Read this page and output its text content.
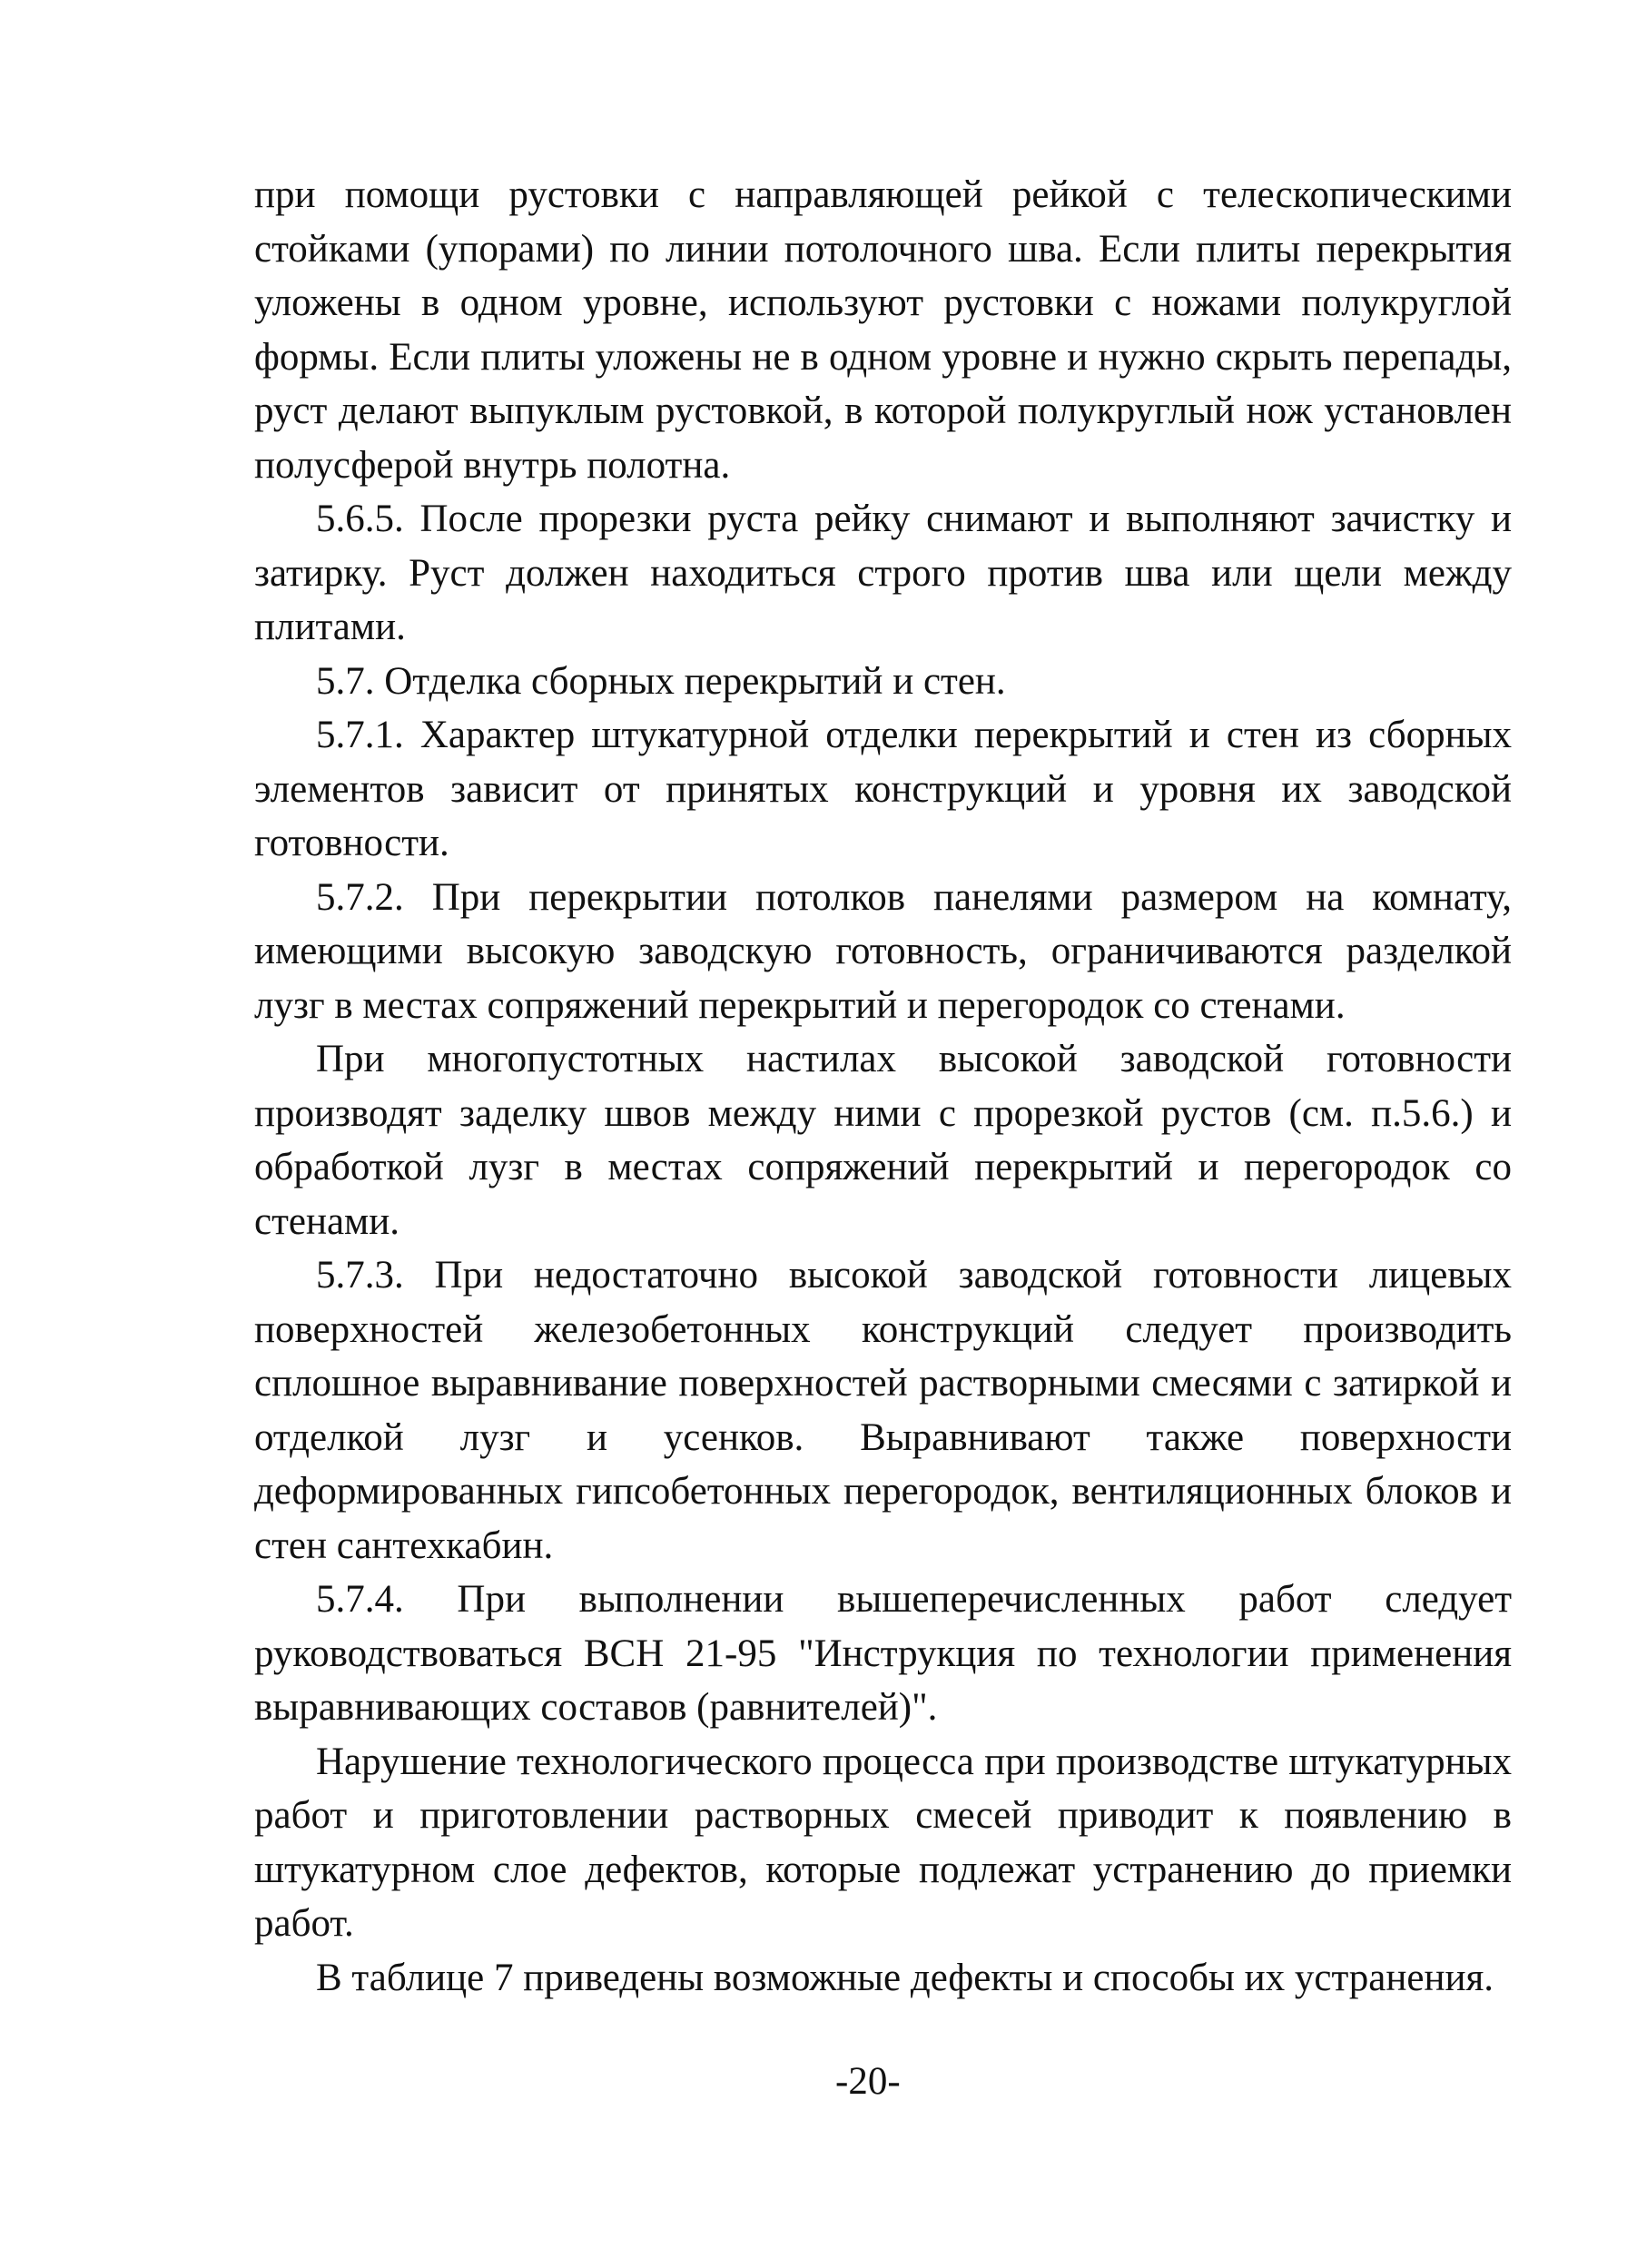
при помощи рустовки с направляющей рейкой с телескопическими стойками (упорами) по линии потолочного шва. Если плиты перекрытия уложены в одном уровне, используют рустовки с ножами полукруглой формы. Если плиты уложены не в одном уровне и нужно скрыть перепады, руст делают выпуклым рустовкой, в которой полукруглый нож установлен полусферой внутрь полотна.

5.6.5. После прорезки руста рейку снимают и выполняют зачистку и затирку. Руст должен находиться строго против шва или щели между плитами.

5.7. Отделка сборных перекрытий и стен.

5.7.1. Характер штукатурной отделки перекрытий и стен из сборных элементов зависит от принятых конструкций и уровня их заводской готовности.

5.7.2. При перекрытии потолков панелями размером на комнату, имеющими высокую заводскую готовность, ограничиваются разделкой лузг в местах сопряжений перекрытий и перегородок со стенами.

При многопустотных настилах высокой заводской готовности производят заделку швов между ними с прорезкой рустов (см. п.5.6.) и обработкой лузг в местах сопряжений перекрытий и перегородок со стенами.

5.7.3. При недостаточно высокой заводской готовности лицевых поверхностей железобетонных конструкций следует производить сплошное выравнивание поверхностей растворными смесями с затиркой и отделкой лузг и усенков. Выравнивают также поверхности деформированных гипсобетонных перегородок, вентиляционных блоков и стен сантехкабин.

5.7.4. При выполнении вышеперечисленных работ следует руководствоваться ВСН 21-95 "Инструкция по технологии применения выравнивающих составов (равнителей)".

Нарушение технологического процесса при производстве штукатурных работ и приготовлении растворных смесей приводит к появлению в штукатурном слое дефектов, которые подлежат устранению до приемки работ.

В таблице 7 приведены возможные дефекты и способы их устранения.

-20-
